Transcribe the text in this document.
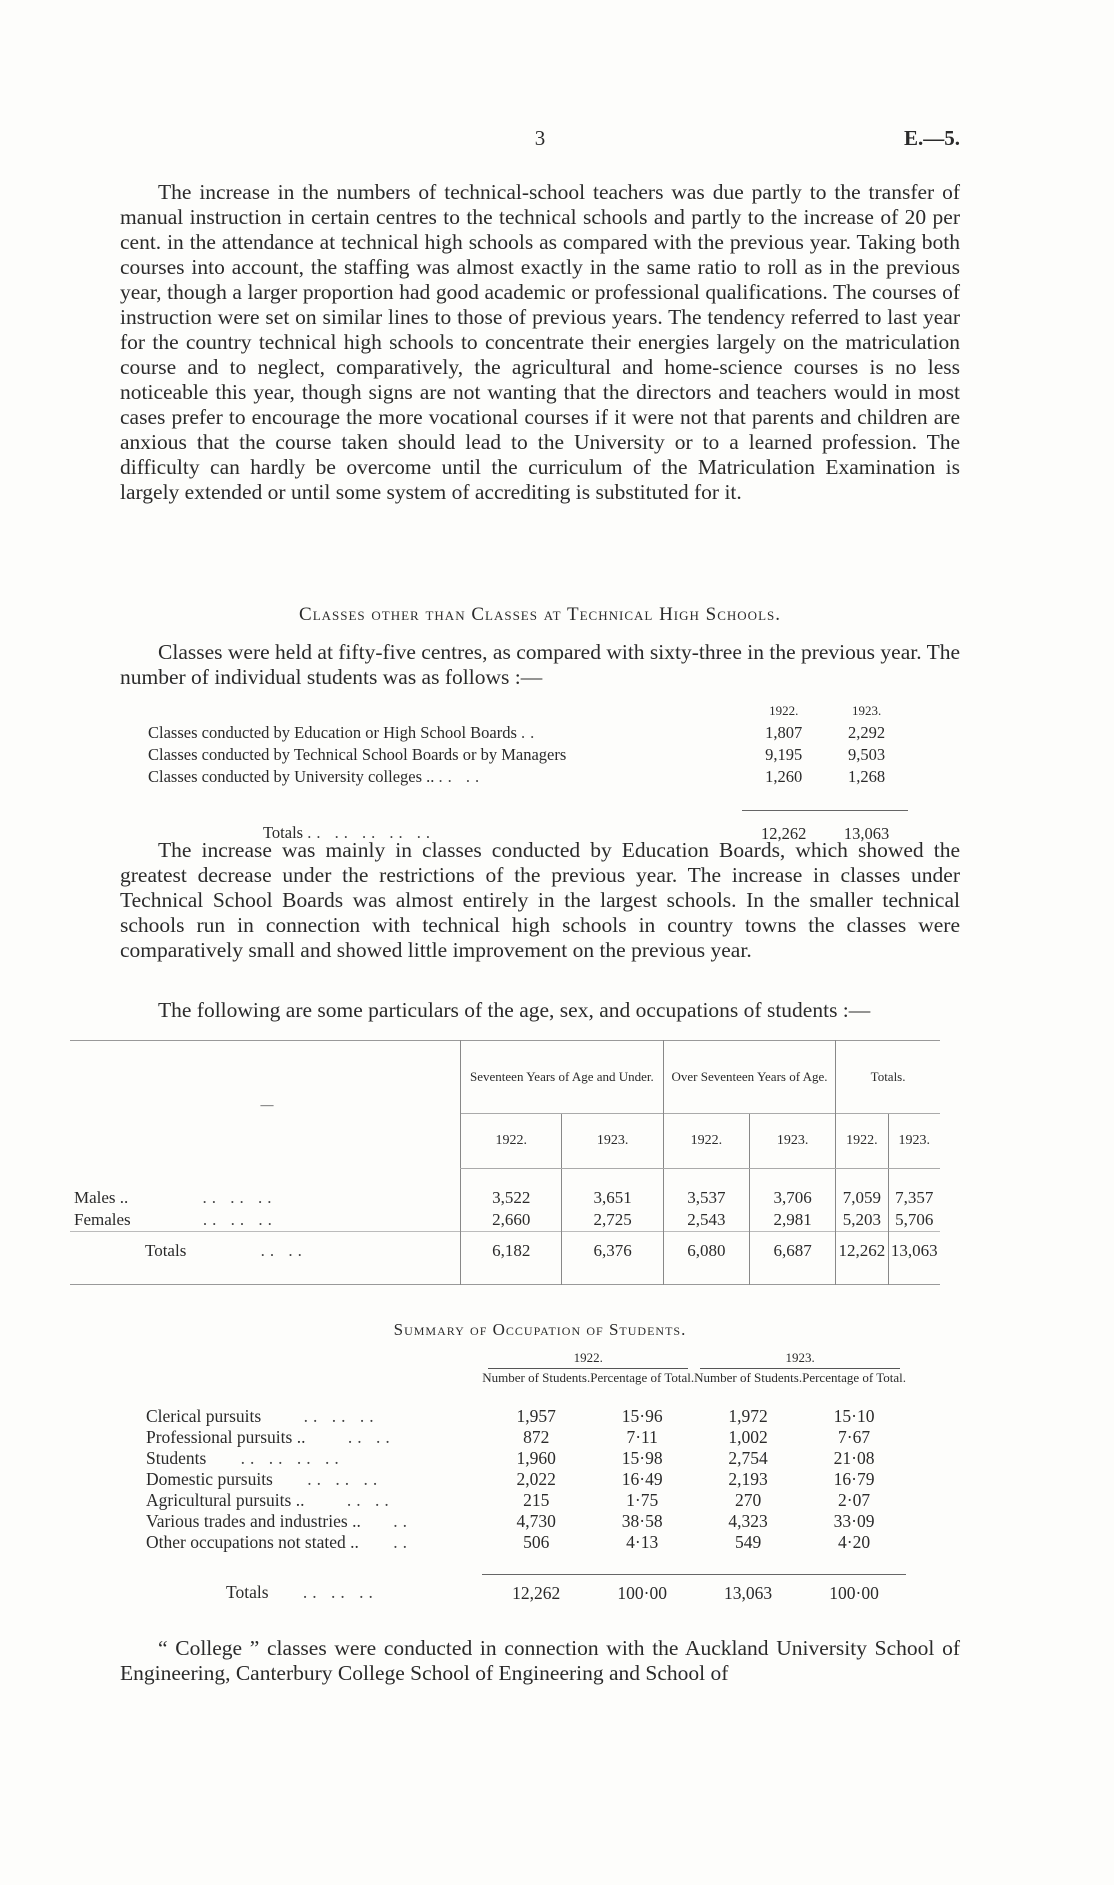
3	E.—5.

The increase in the numbers of technical-school teachers was due partly to the transfer of manual instruction in certain centres to the technical schools and partly to the increase of 20 per cent. in the attendance at technical high schools as compared with the previous year. Taking both courses into account, the staffing was almost exactly in the same ratio to roll as in the previous year, though a larger proportion had good academic or professional qualifications. The courses of instruction were set on similar lines to those of previous years. The tendency referred to last year for the country technical high schools to concentrate their energies largely on the matriculation course and to neglect, comparatively, the agricultural and home-science courses is no less noticeable this year, though signs are not wanting that the directors and teachers would in most cases prefer to encourage the more vocational courses if it were not that parents and children are anxious that the course taken should lead to the University or to a learned profession. The difficulty can hardly be overcome until the curriculum of the Matriculation Examination is largely extended or until some system of accrediting is substituted for it.

Classes other than Classes at Technical High Schools.

Classes were held at fifty-five centres, as compared with sixty-three in the previous year. The number of individual students was as follows :—

	1922.	1923.
Classes conducted by Education or High School Boards ..	1,807	2,292
Classes conducted by Technical School Boards or by Managers	9,195	9,503
Classes conducted by University colleges .. .. ..	1,260	1,268

Totals .. .. .. .. ..	12,262	13,063

The increase was mainly in classes conducted by Education Boards, which showed the greatest decrease under the restrictions of the previous year. The increase in classes under Technical School Boards was almost entirely in the largest schools. In the smaller technical schools run in connection with technical high schools in country towns the classes were comparatively small and showed little improvement on the previous year.

The following are some particulars of the age, sex, and occupations of students :—

—	Seventeen Years of Age and Under.		Over Seventeen Years of Age.		Totals.	
	1922.	1923.	1922.	1923.	1922.	1923.
Males .. .. .. ..	3,522	3,651	3,537	3,706	7,059	7,357
Females .. .. ..	2,660	2,725	2,543	2,981	5,203	5,706
Totals .. ..	6,182	6,376	6,080	6,687	12,262	13,063
Summary of Occupation of Students.
	1922.		1923.	

	Number of Students.	Percentage of Total.	Number of Students.	Percentage of Total.
Clerical pursuits .. .. ..	1,957	15·96	1,972	15·10
Professional pursuits .. .. ..	872	7·11	1,002	7·67
Students .. .. .. ..	1,960	15·98	2,754	21·08
Domestic pursuits .. .. ..	2,022	16·49	2,193	16·79
Agricultural pursuits .. .. ..	215	1·75	270	2·07
Various trades and industries .. ..	4,730	38·58	4,323	33·09
Other occupations not stated .. ..	506	4·13	549	4·20

Totals .. .. ..	12,262	100·00	13,063	100·00

“ College ” classes were conducted in connection with the Auckland University School of Engineering, Canterbury College School of Engineering and School of
